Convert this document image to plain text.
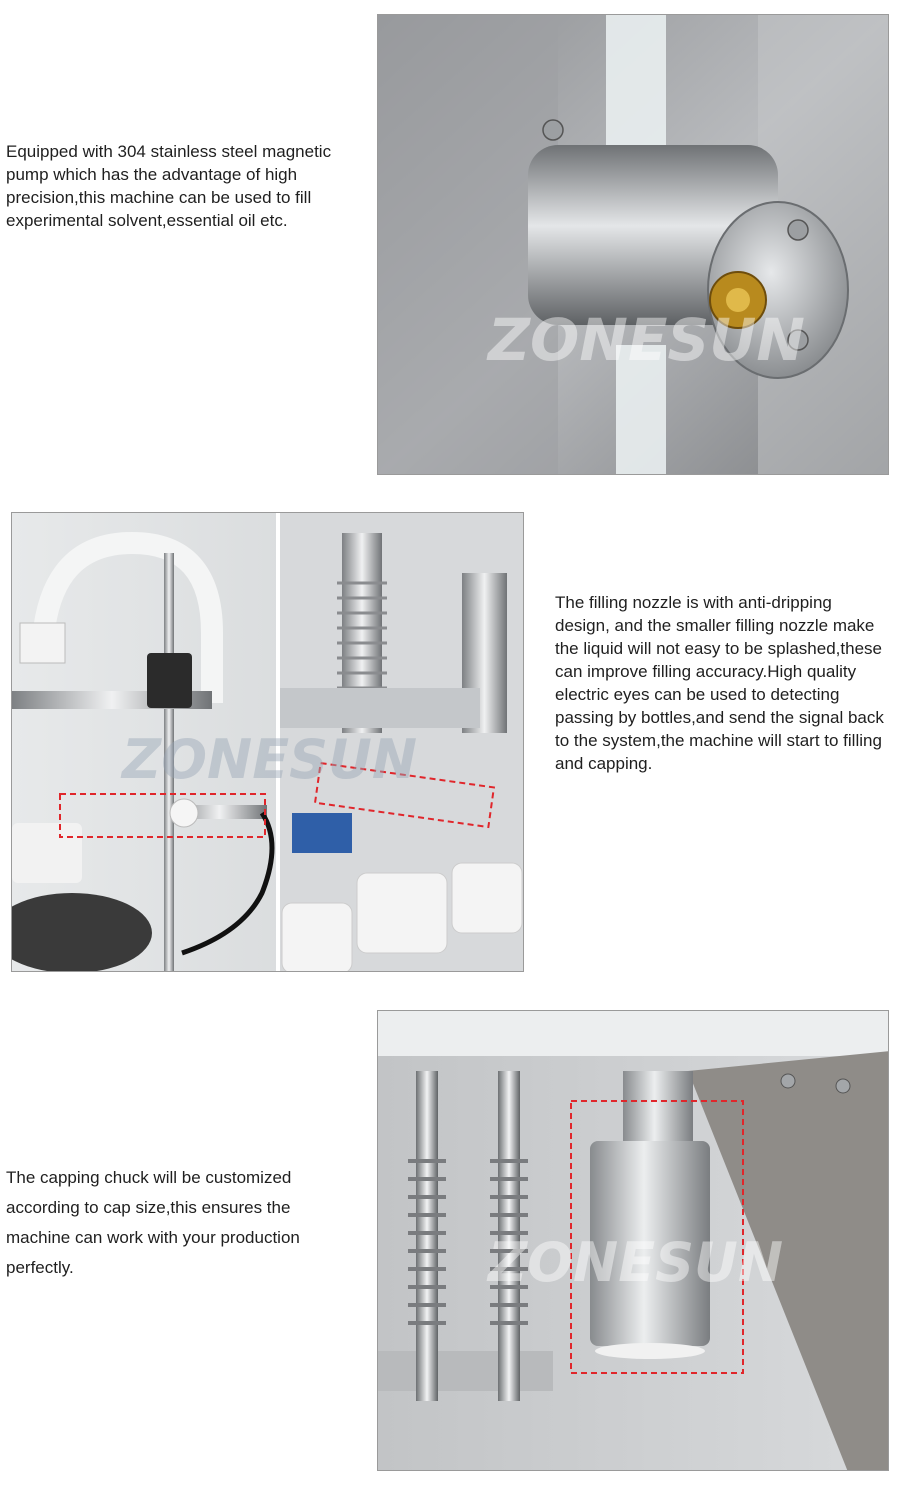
Equipped with 304 stainless steel magnetic pump which has the advantage of high precision,this machine can be used to fill experimental solvent,essential oil etc.
ZONESUN
ZONESUN
The filling nozzle is with anti-dripping design, and the smaller filling nozzle make the liquid will not easy to be splashed,these can improve filling accuracy.High quality electric eyes can be used to detecting passing by bottles,and send the signal back to the system,the machine will start to filling and capping.
The capping chuck will be customized according to cap size,this ensures the machine can work with your production perfectly.	ZONESUN
